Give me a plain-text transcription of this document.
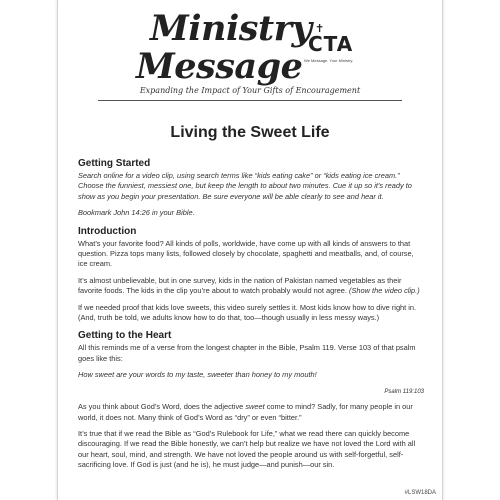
Ministry
Message
✝
CTA
We Message. Your Ministry.
Expanding the Impact of Your Gifts of Encouragement
Living the Sweet Life
Getting Started

Search online for a video clip, using search terms like “kids eating cake” or “kids eating ice cream.” Choose the funniest, messiest one, but keep the length to about two minutes. Cue it up so it’s ready to show as you begin your presentation. Be sure everyone will be able clearly to see and hear it.

Bookmark John 14:26 in your Bible.

Introduction

What’s your favorite food? All kinds of polls, worldwide, have come up with all kinds of answers to that question. Pizza tops many lists, followed closely by chocolate, spaghetti and meatballs, and, of course, ice cream.

It’s almost unbelievable, but in one survey, kids in the nation of Pakistan named vegetables as their favorite foods. The kids in the clip you’re about to watch probably would not agree. (Show the video clip.)

If we needed proof that kids love sweets, this video surely settles it. Most kids know how to dive right in. (And, truth be told, we adults know how to do that, too—though usually in less messy ways.)

Getting to the Heart

All this reminds me of a verse from the longest chapter in the Bible, Psalm 119. Verse 103 of that psalm goes like this:

How sweet are your words to my taste, sweeter than honey to my mouth!

Psalm 119:103

As you think about God’s Word, does the adjective sweet come to mind? Sadly, for many people in our world, it does not. Many think of God’s Word as “dry” or even “bitter.”

It’s true that if we read the Bible as “God’s Rulebook for Life,” what we read there can quickly become discouraging. If we read the Bible honestly, we can’t help but realize we have not loved the Lord with all our heart, soul, mind, and strength. We have not loved the people around us with self-forgetful, self-sacrificing love. If God is just (and he is), he must judge—and punish—our sin.

#LSW18DA
